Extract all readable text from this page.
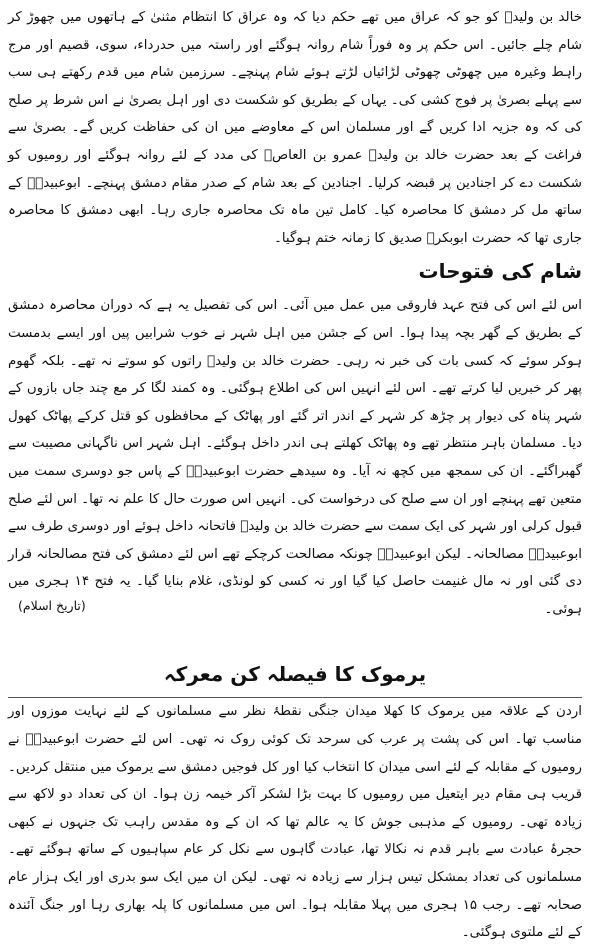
خالد بن ولیدؓ کو جو کہ عراق میں تھے حکم دیا کہ وہ عراق کا انتظام مثنیٰ کے ہاتھوں میں چھوڑ کر شام چلے جائیں۔ اس حکم پر وہ فوراً شام روانہ ہوگئے اور راستہ میں حدرداء، سوی، قصیم اور مرج راہط وغیرہ میں چھوٹی چھوٹی لڑائیاں لڑتے ہوئے شام پہنچے۔ سرزمین شام میں قدم رکھتے ہی سب سے پہلے بصریٰ پر فوج کشی کی۔ یہاں کے بطریق کو شکست دی اور اہل بصریٰ نے اس شرط پر صلح کی کہ وہ جزیہ ادا کریں گے اور مسلمان اس کے معاوضے میں ان کی حفاظت کریں گے۔ بصریٰ سے فراغت کے بعد حضرت خالد بن ولیدؓ عمرو بن العاصؓ کی مدد کے لئے روانہ ہوگئے اور رومیوں کو شکست دے کر اجنادین پر قبضہ کرلیا۔ اجنادین کے بعد شام کے صدر مقام دمشق پہنچے۔ ابوعبیدہؓ کے ساتھ مل کر دمشق کا محاصرہ کیا۔ کامل تین ماہ تک محاصرہ جاری رہا۔ ابھی دمشق کا محاصرہ جاری تھا کہ حضرت ابوبکرؓ صدیق کا زمانہ ختم ہوگیا۔

شام کی فتوحات

اس لئے اس کی فتح عہد فاروقی میں عمل میں آئی۔ اس کی تفصیل یہ ہے کہ دوران محاصرہ دمشق کے بطریق کے گھر بچہ پیدا ہوا۔ اس کے جشن میں اہل شہر نے خوب شرابیں پیں اور ایسے بدمست ہوکر سوئے کہ کسی بات کی خبر نہ رہی۔ حضرت خالد بن ولیدؓ راتوں کو سوتے نہ تھے۔ بلکہ گھوم پھر کر خبریں لیا کرتے تھے۔ اس لئے انہیں اس کی اطلاع ہوگئی۔ وہ کمند لگا کر مع چند جاں بازوں کے شہر پناہ کی دیوار پر چڑھ کر شہر کے اندر اتر گئے اور پھاٹک کے محافظوں کو قتل کرکے پھاٹک کھول دیا۔ مسلمان باہر منتظر تھے وہ پھاٹک کھلتے ہی اندر داخل ہوگئے۔ اہل شہر اس ناگہانی مصیبت سے گھبراگئے۔ ان کی سمجھ میں کچھ نہ آیا۔ وہ سیدھے حضرت ابوعبیدہؓ کے پاس جو دوسری سمت میں متعین تھے پہنچے اور ان سے صلح کی درخواست کی۔ انہیں اس صورت حال کا علم نہ تھا۔ اس لئے صلح قبول کرلی اور شہر کی ایک سمت سے حضرت خالد بن ولیدؓ فاتحانہ داخل ہوئے اور دوسری طرف سے ابوعبیدہؓ مصالحانہ۔ لیکن ابوعبیدہؓ چونکہ مصالحت کرچکے تھے اس لئے دمشق کی فتح مصالحانہ قرار دی گئی اور نہ مال غنیمت حاصل کیا گیا اور نہ کسی کو لونڈی، غلام بنایا گیا۔ یہ فتح ۱۴ ہجری میں ہوئی۔

(تاریخ اسلام)
یرموک کا فیصلہ کن معرکہ

اردن کے علاقہ میں یرموک کا کھلا میدان جنگی نقطۂ نظر سے مسلمانوں کے لئے نہایت موزوں اور مناسب تھا۔ اس کی پشت پر عرب کی سرحد تک کوئی روک نہ تھی۔ اس لئے حضرت ابوعبیدہؓ نے رومیوں کے مقابلہ کے لئے اسی میدان کا انتخاب کیا اور کل فوجیں دمشق سے یرموک میں منتقل کردیں۔ قریب ہی مقام دیر ایتعیل میں رومیوں کا بہت بڑا لشکر آکر خیمہ زن ہوا۔ ان کی تعداد دو لاکھ سے زیادہ تھی۔ رومیوں کے مذہبی جوش کا یہ عالم تھا کہ ان کے وہ مقدس راہب تک جنہوں نے کبھی حجرۂ عبادت سے باہر قدم نہ نکالا تھا، عبادت گاہوں سے نکل کر عام سپاہیوں کے ساتھ ہوگئے تھے۔ مسلمانوں کی تعداد بمشکل تیس ہزار سے زیادہ نہ تھی۔ لیکن ان میں ایک سو بدری اور ایک ہزار عام صحابہ تھے۔ رجب ۱۵ ہجری میں پہلا مقابلہ ہوا۔ اس میں مسلمانوں کا پلہ بھاری رہا اور جنگ آئندہ کے لئے ملتوی ہوگئی۔
